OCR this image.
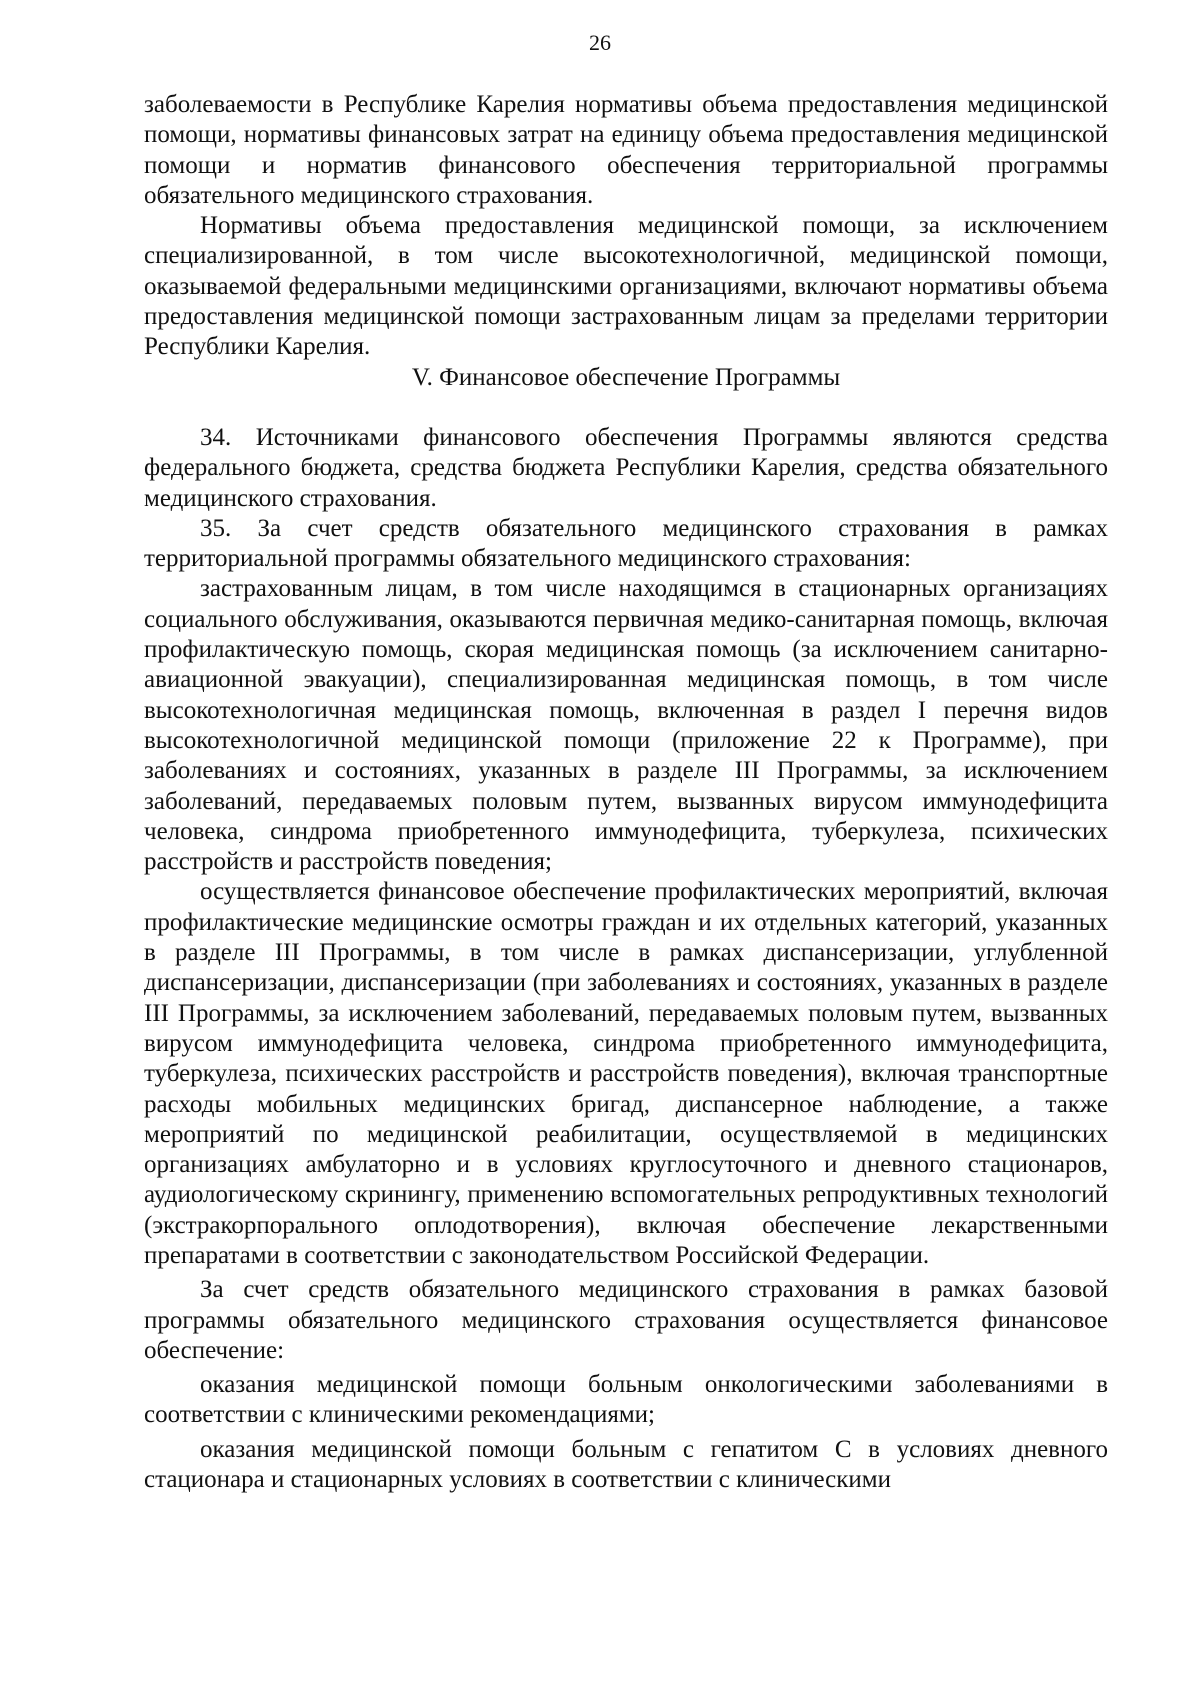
26

заболеваемости в Республике Карелия нормативы объема предоставления медицинской помощи, нормативы финансовых затрат на единицу объема предоставления медицинской помощи и норматив финансового обеспечения территориальной программы обязательного медицинского страхования.

Нормативы объема предоставления медицинской помощи, за исключением специализированной, в том числе высокотехнологичной, медицинской помощи, оказываемой федеральными медицинскими организациями, включают нормативы объема предоставления медицинской помощи застрахованным лицам за пределами территории Республики Карелия.

V. Финансовое обеспечение Программы

34. Источниками финансового обеспечения Программы являются средства федерального бюджета, средства бюджета Республики Карелия, средства обязательного медицинского страхования.

35. За счет средств обязательного медицинского страхования в рамках территориальной программы обязательного медицинского страхования:

застрахованным лицам, в том числе находящимся в стационарных организациях социального обслуживания, оказываются первичная медико-санитарная помощь, включая профилактическую помощь, скорая медицинская помощь (за исключением санитарно-авиационной эвакуации), специализированная медицинская помощь, в том числе высокотехнологичная медицинская помощь, включенная в раздел I перечня видов высокотехнологичной медицинской помощи (приложение 22 к Программе), при заболеваниях и состояниях, указанных в разделе III Программы, за исключением заболеваний, передаваемых половым путем, вызванных вирусом иммунодефицита человека, синдрома приобретенного иммунодефицита, туберкулеза, психических расстройств и расстройств поведения;

осуществляется финансовое обеспечение профилактических мероприятий, включая профилактические медицинские осмотры граждан и их отдельных категорий, указанных в разделе III Программы, в том числе в рамках диспансеризации, углубленной диспансеризации, диспансеризации (при заболеваниях и состояниях, указанных в разделе III Программы, за исключением заболеваний, передаваемых половым путем, вызванных вирусом иммунодефицита человека, синдрома приобретенного иммунодефицита, туберкулеза, психических расстройств и расстройств поведения), включая транспортные расходы мобильных медицинских бригад, диспансерное наблюдение, а также мероприятий по медицинской реабилитации, осуществляемой в медицинских организациях амбулаторно и в условиях круглосуточного и дневного стационаров, аудиологическому скринингу, применению вспомогательных репродуктивных технологий (экстракорпорального оплодотворения), включая обеспечение лекарственными препаратами в соответствии с законодательством Российской Федерации.

За счет средств обязательного медицинского страхования в рамках базовой программы обязательного медицинского страхования осуществляется финансовое обеспечение:

оказания медицинской помощи больным онкологическими заболеваниями в соответствии с клиническими рекомендациями;

оказания медицинской помощи больным с гепатитом С в условиях дневного стационара и стационарных условиях в соответствии с клиническими
